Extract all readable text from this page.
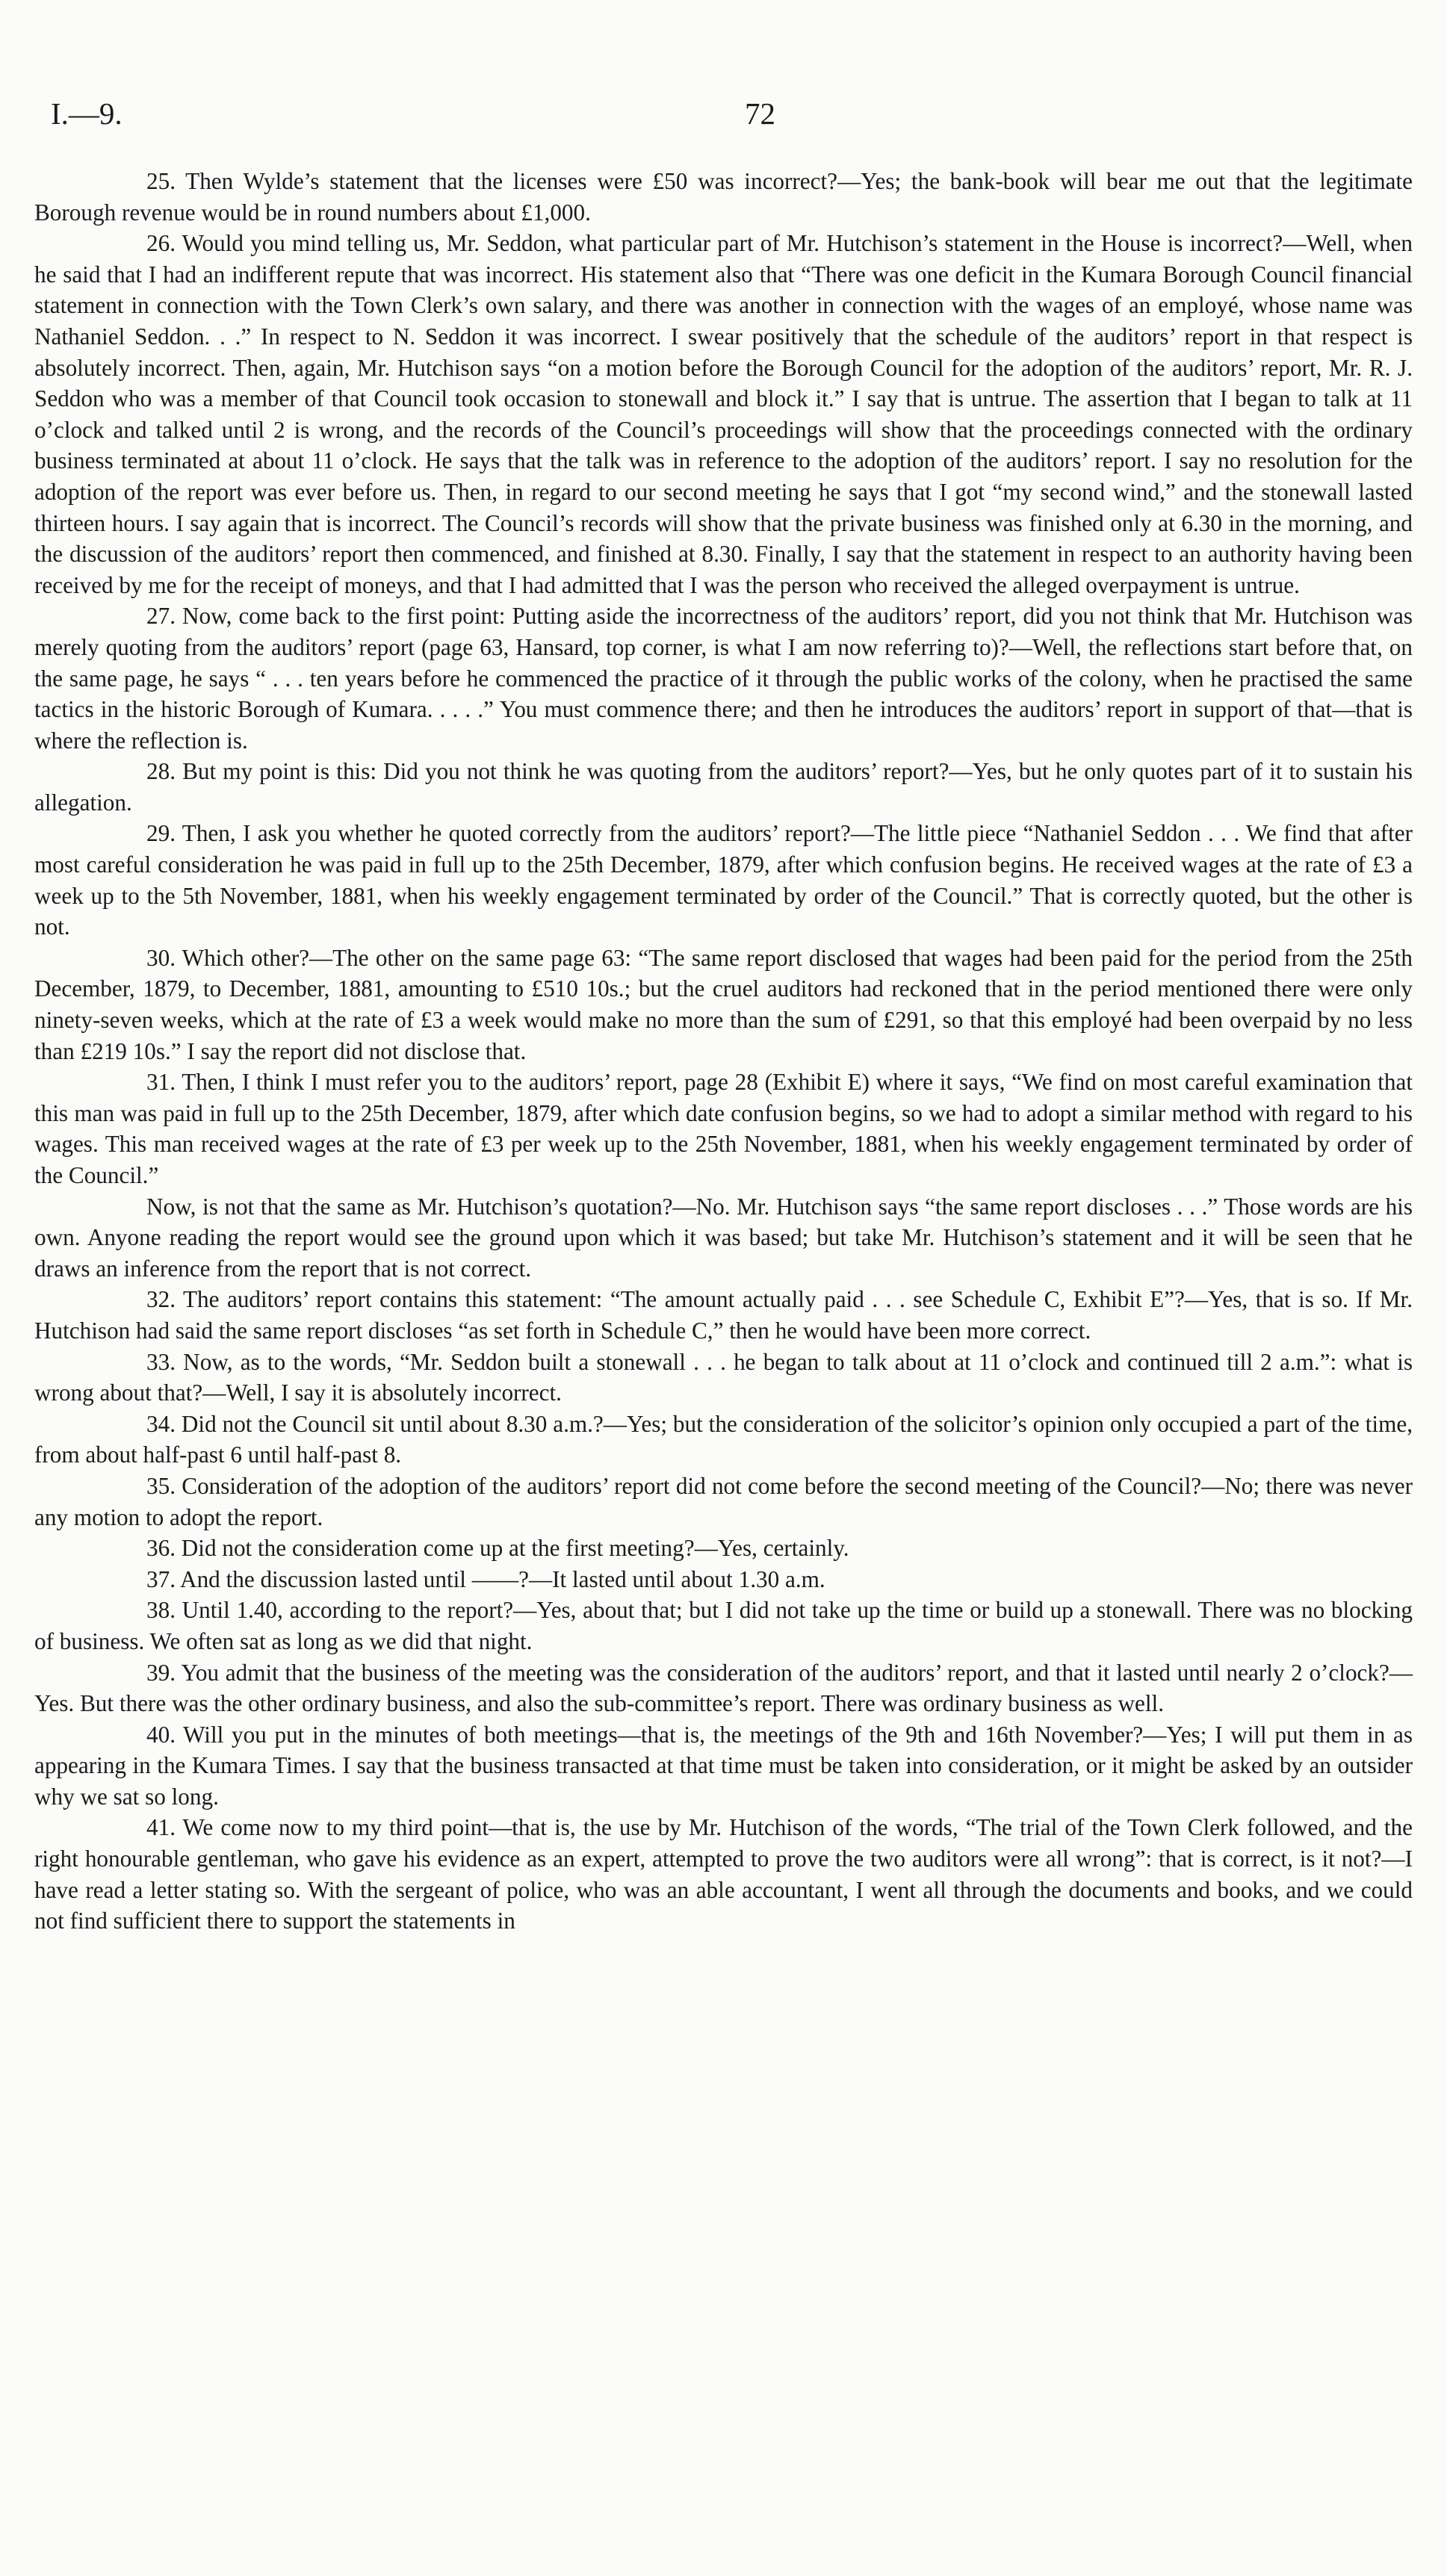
I.—9.	72

25. Then Wylde’s statement that the licenses were £50 was incorrect?—Yes; the bank-book will bear me out that the legitimate Borough revenue would be in round numbers about £1,000.

26. Would you mind telling us, Mr. Seddon, what particular part of Mr. Hutchison’s statement in the House is incorrect?—Well, when he said that I had an indifferent repute that was incorrect. His statement also that “There was one deficit in the Kumara Borough Council financial statement in connection with the Town Clerk’s own salary, and there was another in connection with the wages of an employé, whose name was Nathaniel Seddon. . .” In respect to N. Seddon it was incorrect. I swear positively that the schedule of the auditors’ report in that respect is absolutely incorrect. Then, again, Mr. Hutchison says “on a motion before the Borough Council for the adoption of the auditors’ report, Mr. R. J. Seddon who was a member of that Council took occasion to stonewall and block it.” I say that is untrue. The assertion that I began to talk at 11 o’clock and talked until 2 is wrong, and the records of the Council’s proceedings will show that the proceedings connected with the ordinary business terminated at about 11 o’clock. He says that the talk was in reference to the adoption of the auditors’ report. I say no resolution for the adoption of the report was ever before us. Then, in regard to our second meeting he says that I got “my second wind,” and the stonewall lasted thirteen hours. I say again that is incorrect. The Council’s records will show that the private business was finished only at 6.30 in the morning, and the discussion of the auditors’ report then commenced, and finished at 8.30. Finally, I say that the statement in respect to an authority having been received by me for the receipt of moneys, and that I had admitted that I was the person who received the alleged overpayment is untrue.

27. Now, come back to the first point: Putting aside the incorrectness of the auditors’ report, did you not think that Mr. Hutchison was merely quoting from the auditors’ report (page 63, Hansard, top corner, is what I am now referring to)?—Well, the reflections start before that, on the same page, he says “ . . . ten years before he commenced the practice of it through the public works of the colony, when he practised the same tactics in the historic Borough of Kumara. . . . .” You must commence there; and then he introduces the auditors’ report in support of that—that is where the reflection is.

28. But my point is this: Did you not think he was quoting from the auditors’ report?—Yes, but he only quotes part of it to sustain his allegation.

29. Then, I ask you whether he quoted correctly from the auditors’ report?—The little piece “Nathaniel Seddon . . . We find that after most careful consideration he was paid in full up to the 25th December, 1879, after which confusion begins. He received wages at the rate of £3 a week up to the 5th November, 1881, when his weekly engagement terminated by order of the Council.” That is correctly quoted, but the other is not.

30. Which other?—The other on the same page 63: “The same report disclosed that wages had been paid for the period from the 25th December, 1879, to December, 1881, amounting to £510 10s.; but the cruel auditors had reckoned that in the period mentioned there were only ninety-seven weeks, which at the rate of £3 a week would make no more than the sum of £291, so that this employé had been overpaid by no less than £219 10s.” I say the report did not disclose that.

31. Then, I think I must refer you to the auditors’ report, page 28 (Exhibit E) where it says, “We find on most careful examination that this man was paid in full up to the 25th December, 1879, after which date confusion begins, so we had to adopt a similar method with regard to his wages. This man received wages at the rate of £3 per week up to the 25th November, 1881, when his weekly engagement terminated by order of the Council.”

Now, is not that the same as Mr. Hutchison’s quotation?—No. Mr. Hutchison says “the same report discloses . . .” Those words are his own. Anyone reading the report would see the ground upon which it was based; but take Mr. Hutchison’s statement and it will be seen that he draws an inference from the report that is not correct.

32. The auditors’ report contains this statement: “The amount actually paid . . . see Schedule C, Exhibit E”?—Yes, that is so. If Mr. Hutchison had said the same report discloses “as set forth in Schedule C,” then he would have been more correct.

33. Now, as to the words, “Mr. Seddon built a stonewall . . . he began to talk about at 11 o’clock and continued till 2 a.m.”: what is wrong about that?—Well, I say it is absolutely incorrect.

34. Did not the Council sit until about 8.30 a.m.?—Yes; but the consideration of the solicitor’s opinion only occupied a part of the time, from about half-past 6 until half-past 8.

35. Consideration of the adoption of the auditors’ report did not come before the second meeting of the Council?—No; there was never any motion to adopt the report.

36. Did not the consideration come up at the first meeting?—Yes, certainly.

37. And the discussion lasted until ——?—It lasted until about 1.30 a.m.

38. Until 1.40, according to the report?—Yes, about that; but I did not take up the time or build up a stonewall. There was no blocking of business. We often sat as long as we did that night.

39. You admit that the business of the meeting was the consideration of the auditors’ report, and that it lasted until nearly 2 o’clock?—Yes. But there was the other ordinary business, and also the sub-committee’s report. There was ordinary business as well.

40. Will you put in the minutes of both meetings—that is, the meetings of the 9th and 16th November?—Yes; I will put them in as appearing in the Kumara Times. I say that the business transacted at that time must be taken into consideration, or it might be asked by an outsider why we sat so long.

41. We come now to my third point—that is, the use by Mr. Hutchison of the words, “The trial of the Town Clerk followed, and the right honourable gentleman, who gave his evidence as an expert, attempted to prove the two auditors were all wrong”: that is correct, is it not?—I have read a letter stating so. With the sergeant of police, who was an able accountant, I went all through the documents and books, and we could not find sufficient there to support the statements in
